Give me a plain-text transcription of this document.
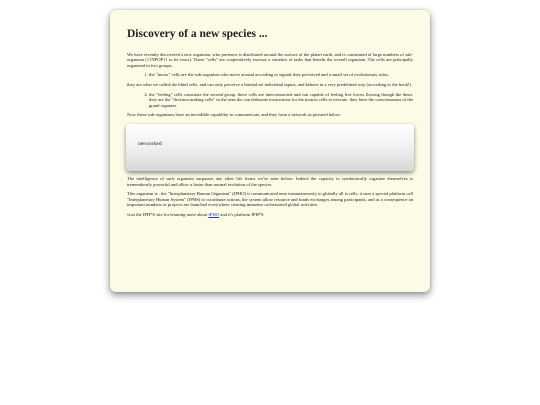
Discovery of a new species ...

We have recently discovered a new organism, who presence is distributed around the surface of the planet earth, and is constituted of large numbers of sub-organism ({{NPOP}} to be exact). These "cells" are cooperatively execute a varieties of tasks that benefit the overall organism. The cells are principally organized in two groups,

1. the "motor" cells are the sub-organism who move around according to signals they perceived and a small set of evolutionary rules,

they are what we called the blind cells, and can only perceive a limited set individual inputs, and behave in a very predefined way (according to the book!)

2. the "feeling" cells constitute the second group. these cells are interconnected and can capable of feeling live forces flowing though the them. they are the "decision making cells" in the sens the can elaborate instructions for the motors cells to execute. they have the consciousness of the grand organize.

Now these sub-organisms have an incredible capability to communicate, and they form a network as pictured below:

networked

The intelligence of such organism surpasses any other life forms we've seen before. Indeed the capacity to symbiotically organize themselves is tremendously powerful and allow a faster than normal evolution of the species.

This organism is . the "Interplanetary Human Organism" (IPHO) it communicated near instantaneously to globally all is cells, it uses a special platform call "Interplanetary Human System" (IPHS) to coordinate actions, the system allow resource and funds exchanges among participants, and as a consequence an important numbers or projects are launched everywhere creating immense orchestrated global activities.

visit the IPH*S site for learning more about IPHO and it's platform IPH*S
